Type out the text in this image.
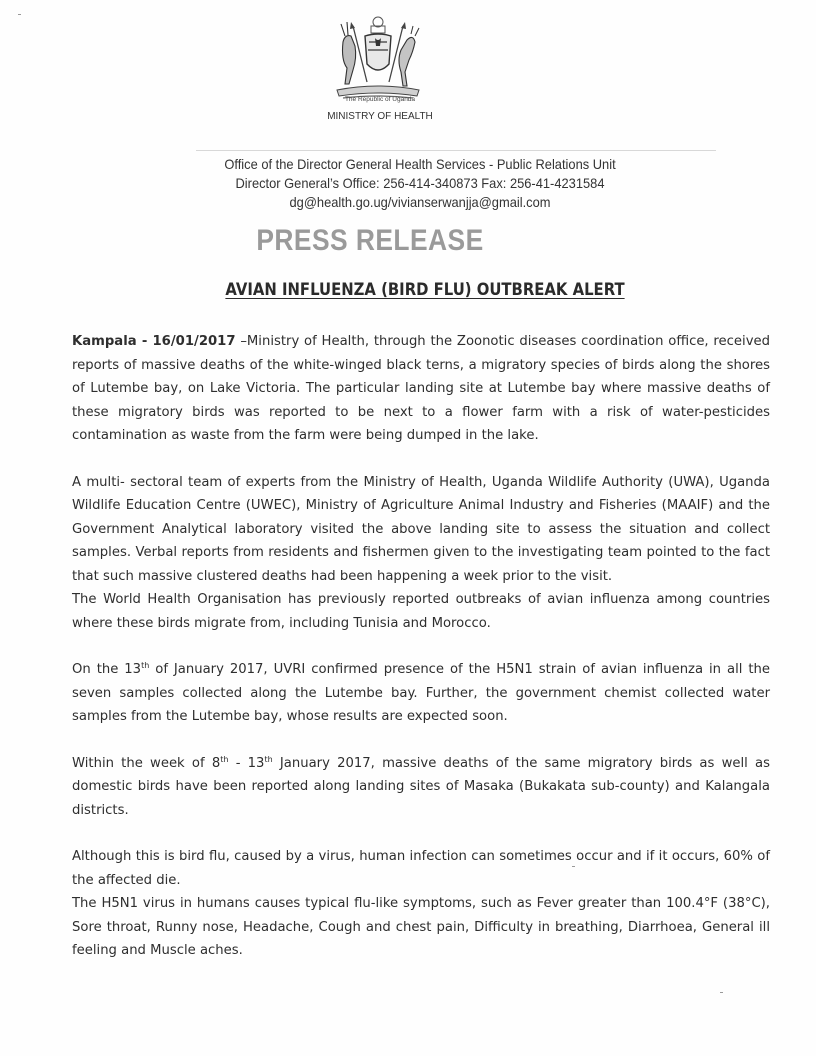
The Republic of Uganda
MINISTRY OF HEALTH
Office of the Director General Health Services - Public Relations Unit
Director General’s Office: 256-414-340873 Fax: 256-41-4231584
dg@health.go.ug/vivianserwanjja@gmail.com
PRESS RELEASE
AVIAN INFLUENZA (BIRD FLU) OUTBREAK ALERT

Kampala - 16/01/2017 –Ministry of Health, through the Zoonotic diseases coordination office, received reports of massive deaths of the white-winged black terns, a migratory species of birds along the shores of Lutembe bay, on Lake Victoria. The particular landing site at Lutembe bay where massive deaths of these migratory birds was reported to be next to a flower farm with a risk of water-pesticides contamination as waste from the farm were being dumped in the lake.

A multi- sectoral team of experts from the Ministry of Health, Uganda Wildlife Authority (UWA), Uganda Wildlife Education Centre (UWEC), Ministry of Agriculture Animal Industry and Fisheries (MAAIF) and the Government Analytical laboratory visited the above landing site to assess the situation and collect samples. Verbal reports from residents and fishermen given to the investigating team pointed to the fact that such massive clustered deaths had been happening a week prior to the visit.

The World Health Organisation has previously reported outbreaks of avian influenza among countries where these birds migrate from, including Tunisia and Morocco.

On the 13th of January 2017, UVRI confirmed presence of the H5N1 strain of avian influenza in all the seven samples collected along the Lutembe bay. Further, the government chemist collected water samples from the Lutembe bay, whose results are expected soon.

Within the week of 8th - 13th January 2017, massive deaths of the same migratory birds as well as domestic birds have been reported along landing sites of Masaka (Bukakata sub-county) and Kalangala districts.

Although this is bird flu, caused by a virus, human infection can sometimes occur and if it occurs, 60% of the affected die.

The H5N1 virus in humans causes typical flu-like symptoms, such as Fever greater than 100.4°F (38°C), Sore throat, Runny nose, Headache, Cough and chest pain, Difficulty in breathing, Diarrhoea, General ill feeling and Muscle aches.
